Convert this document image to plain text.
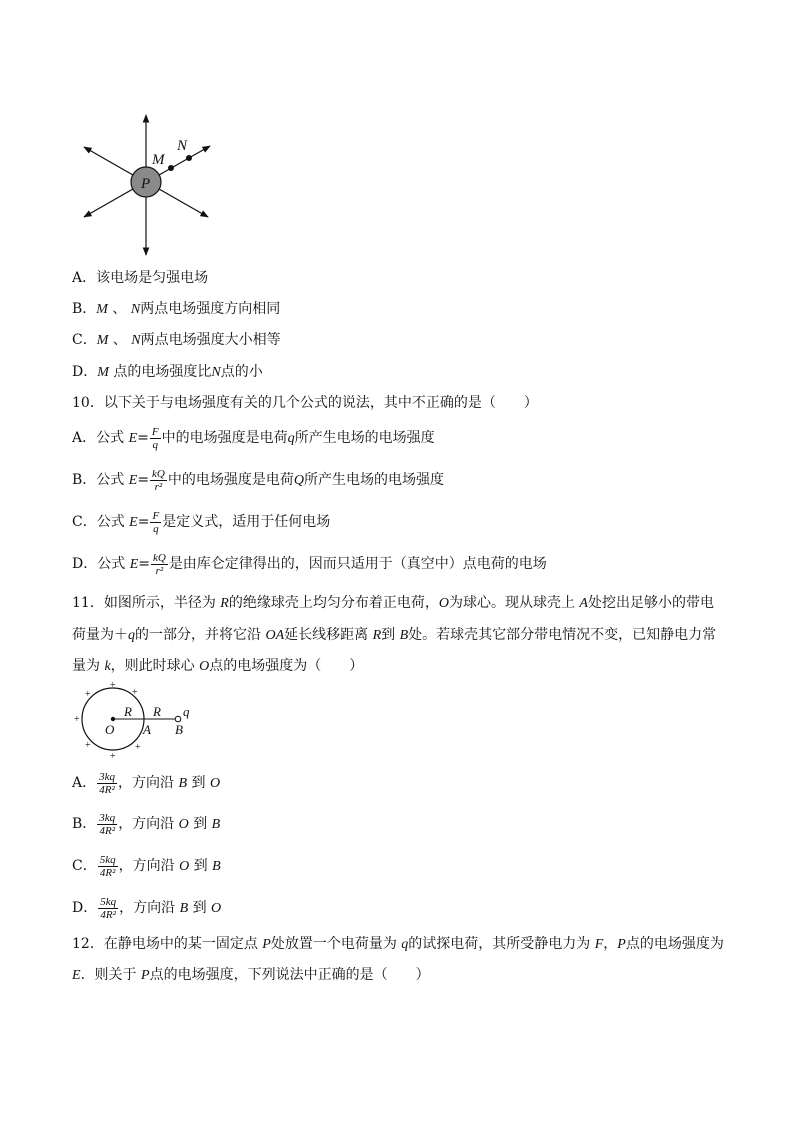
P
M
N
A．该电场是匀强电场
B．M 、 N两点电场强度方向相同
C．M 、 N两点电场强度大小相等
D．M 点的电场强度比N点的小
10．以下关于与电场强度有关的几个公式的说法，其中不正确的是（　　）
A．公式 $E= \frac{F}{q}$ 中的电场强度是电荷q所产生电场的电场强度
B．公式 $E= \frac{kQ}{\text{r²}}$ 中的电场强度是电荷Q所产生电场的电场强度
C．公式 $E= \frac{F}{q}$ 是定义式，适用于任何电场
D．公式 $E= \frac{kQ}{\text{r²}}$ 是由库仑定律得出的，因而只适用于（真空中）点电荷的电场
11．如图所示，半径为 R的绝缘球壳上均匀分布着正电荷，O为球心。现从球壳上 A处挖出足够小的带电
荷量为＋q的一部分，并将它沿 OA延长线移距离 R到 B处。若球壳其它部分带电情况不变，已知静电力常
量为 k，则此时球心 O点的电场强度为（　　）
+
+
+
+
+
+
+
R R q
O A B
A． $\frac{3kq}{\text{4R²}}$ ，方向沿 B 到 O
B． $\frac{3kq}{\text{4R²}}$ ，方向沿 O 到 B
C． $\frac{5kq}{\text{4R²}}$ ，方向沿 O 到 B
D． $\frac{5kq}{\text{4R²}}$ ，方向沿 B 到 O
12．在静电场中的某一固定点 P处放置一个电荷量为 q的试探电荷，其所受静电力为 F，P点的电场强度为
E．则关于 P点的电场强度，下列说法中正确的是（　　）
